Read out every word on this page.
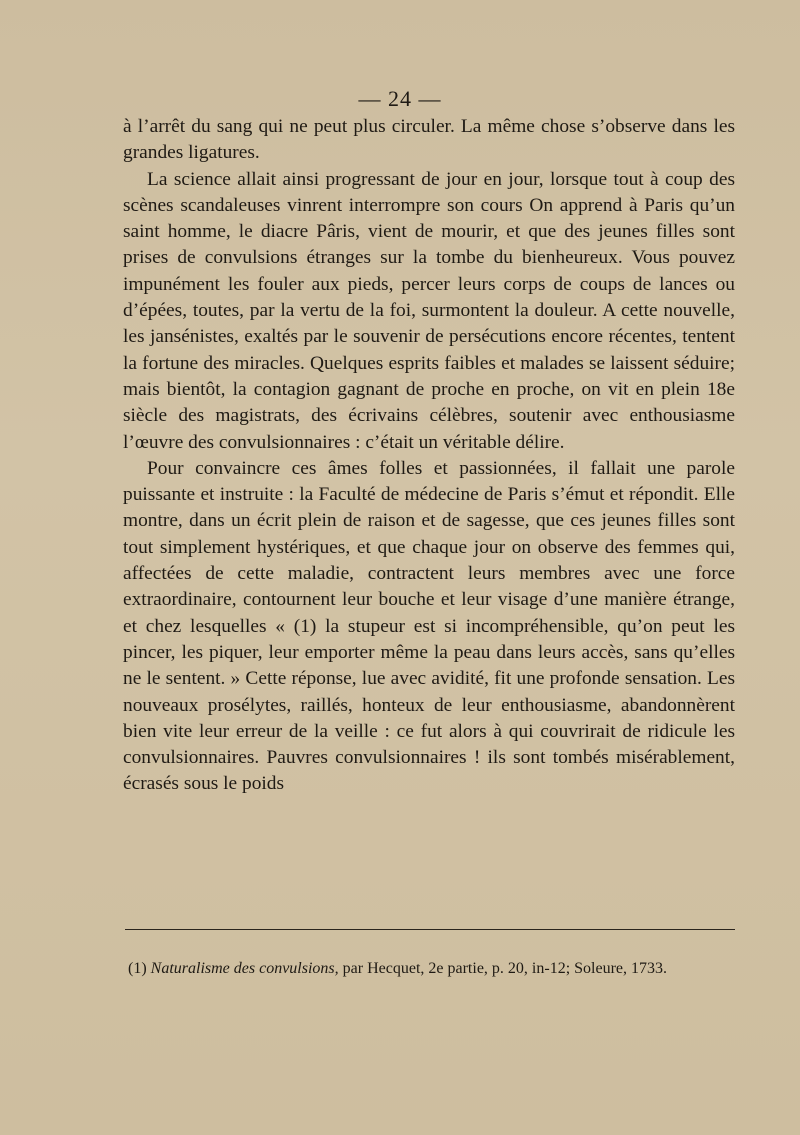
— 24 —

à l’arrêt du sang qui ne peut plus circuler. La même chose s’observe dans les grandes ligatures.

La science allait ainsi progressant de jour en jour, lorsque tout à coup des scènes scandaleuses vinrent interrompre son cours On apprend à Paris qu’un saint homme, le diacre Pâris, vient de mourir, et que des jeunes filles sont prises de convulsions étranges sur la tombe du bienheureux. Vous pouvez impunément les fouler aux pieds, percer leurs corps de coups de lances ou d’épées, toutes, par la vertu de la foi, surmontent la douleur. A cette nouvelle, les jansénistes, exaltés par le souvenir de persécutions encore récentes, tentent la fortune des miracles. Quelques esprits faibles et malades se laissent séduire; mais bientôt, la contagion gagnant de proche en proche, on vit en plein 18e siècle des magistrats, des écrivains célèbres, soutenir avec enthousiasme l’œuvre des convulsionnaires : c’était un véritable délire.

Pour convaincre ces âmes folles et passionnées, il fallait une parole puissante et instruite : la Faculté de médecine de Paris s’émut et répondit. Elle montre, dans un écrit plein de raison et de sagesse, que ces jeunes filles sont tout simplement hystériques, et que chaque jour on observe des femmes qui, affectées de cette maladie, contractent leurs membres avec une force extraordinaire, contournent leur bouche et leur visage d’une manière étrange, et chez lesquelles « (1) la stupeur est si incompréhensible, qu’on peut les pincer, les piquer, leur emporter même la peau dans leurs accès, sans qu’elles ne le sentent. » Cette réponse, lue avec avidité, fit une profonde sensation. Les nouveaux prosélytes, raillés, honteux de leur enthousiasme, abandonnèrent bien vite leur erreur de la veille : ce fut alors à qui couvrirait de ridicule les convulsionnaires. Pauvres convulsionnaires ! ils sont tombés misérablement, écrasés sous le poids

(1) Naturalisme des convulsions, par Hecquet, 2e partie, p. 20, in-12; Soleure, 1733.
